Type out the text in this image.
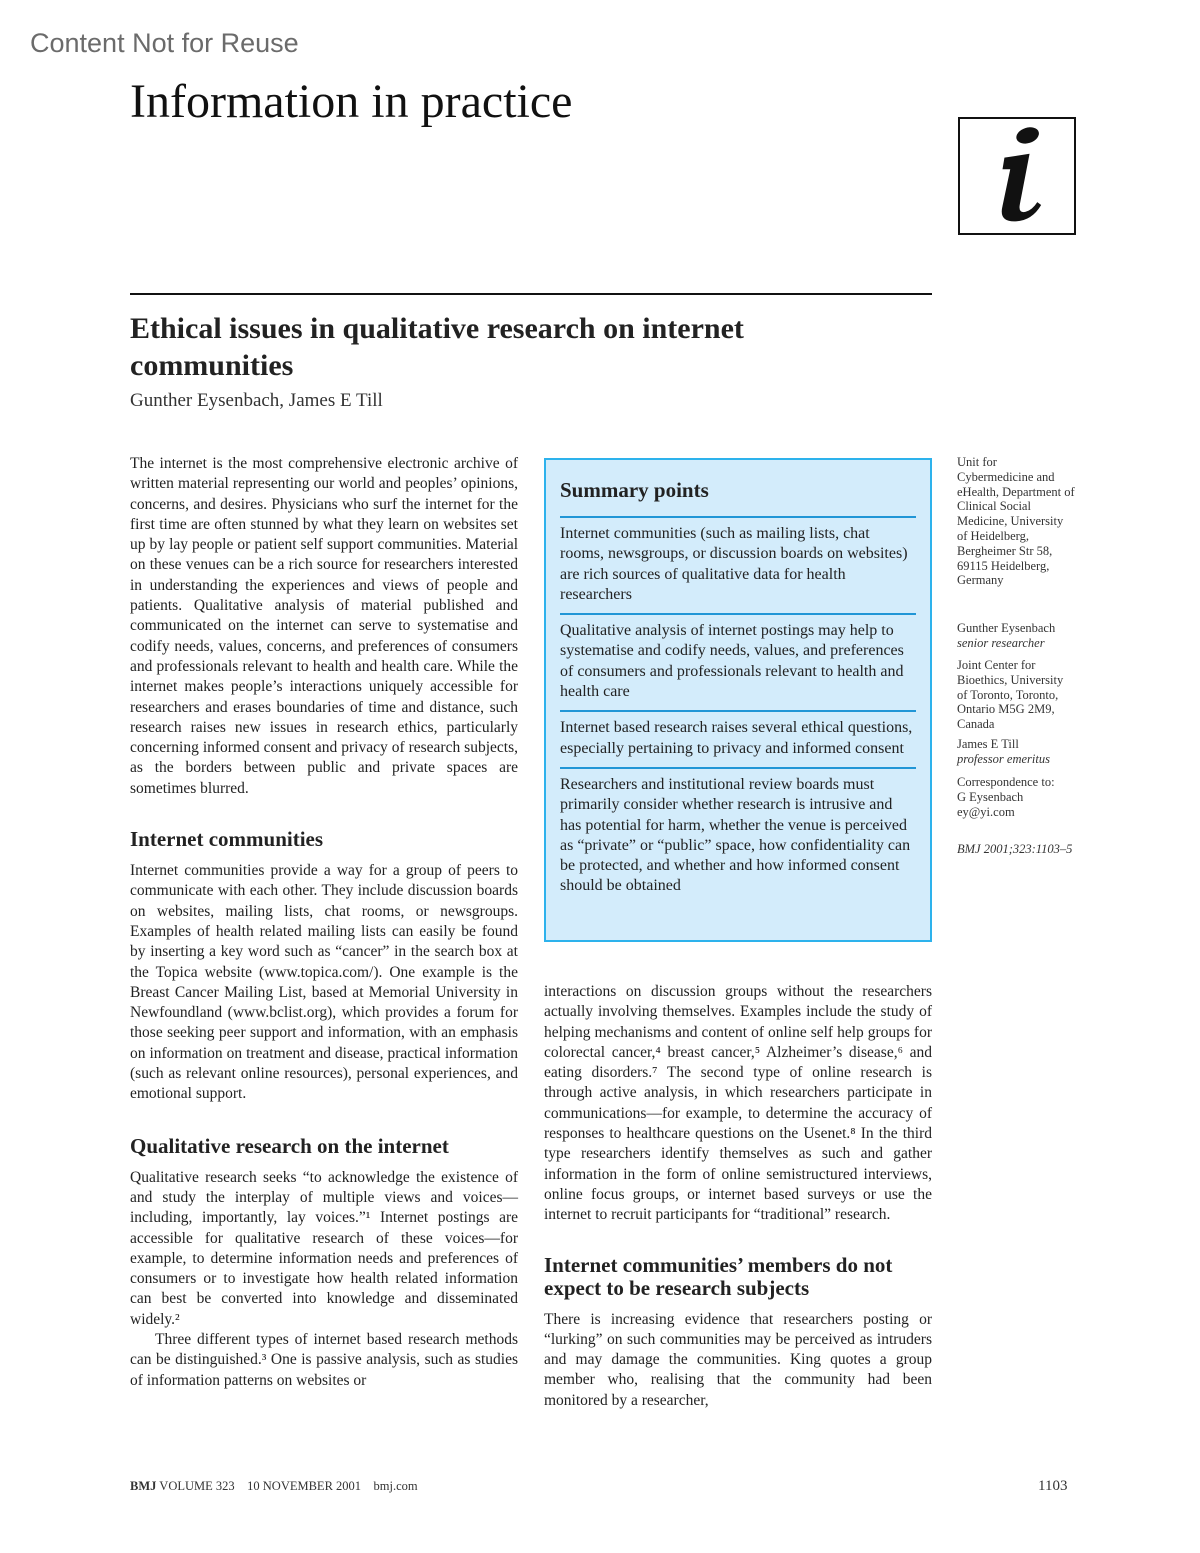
Content Not for Reuse
Information in practice
Ethical issues in qualitative research on internet
communities
Gunther Eysenbach, James E Till

The internet is the most comprehensive electronic archive of written material representing our world and peoples’ opinions, concerns, and desires. Physicians who surf the internet for the first time are often stunned by what they learn on websites set up by lay people or patient self support communities. Material on these venues can be a rich source for researchers interested in understanding the experiences and views of people and patients. Qualitative analysis of material published and communicated on the internet can serve to systematise and codify needs, values, concerns, and preferences of consumers and professionals relevant to health and health care. While the internet makes people’s interactions uniquely accessible for researchers and erases boundaries of time and distance, such research raises new issues in research ethics, particularly concerning informed consent and privacy of research subjects, as the borders between public and private spaces are sometimes blurred.

Internet communities

Internet communities provide a way for a group of peers to communicate with each other. They include discussion boards on websites, mailing lists, chat rooms, or newsgroups. Examples of health related mailing lists can easily be found by inserting a key word such as “cancer” in the search box at the Topica website (www.topica.com/). One example is the Breast Cancer Mailing List, based at Memorial University in Newfoundland (www.bclist.org), which provides a forum for those seeking peer support and information, with an emphasis on information on treatment and disease, practical information (such as relevant online resources), personal experiences, and emotional support.

Qualitative research on the internet

Qualitative research seeks “to acknowledge the existence of and study the interplay of multiple views and voices—including, importantly, lay voices.”¹ Internet postings are accessible for qualitative research of these voices—for example, to determine information needs and preferences of consumers or to investigate how health related information can best be converted into knowledge and disseminated widely.²

Three different types of internet based research methods can be distinguished.³ One is passive analysis, such as studies of information patterns on websites or

Summary points
Internet communities (such as mailing lists, chat rooms, newsgroups, or discussion boards on websites) are rich sources of qualitative data for health researchers
Qualitative analysis of internet postings may help to systematise and codify needs, values, and preferences of consumers and professionals relevant to health and health care
Internet based research raises several ethical questions, especially pertaining to privacy and informed consent
Researchers and institutional review boards must primarily consider whether research is intrusive and has potential for harm, whether the venue is perceived as “private” or “public” space, how confidentiality can be protected, and whether and how informed consent should be obtained

interactions on discussion groups without the researchers actually involving themselves. Examples include the study of helping mechanisms and content of online self help groups for colorectal cancer,⁴ breast cancer,⁵ Alzheimer’s disease,⁶ and eating disorders.⁷ The second type of online research is through active analysis, in which researchers participate in communications—for example, to determine the accuracy of responses to healthcare questions on the Usenet.⁸ In the third type researchers identify themselves as such and gather information in the form of online semistructured interviews, online focus groups, or internet based surveys or use the internet to recruit participants for “traditional” research.

Internet communities’ members do not expect to be research subjects

There is increasing evidence that researchers posting or “lurking” on such communities may be perceived as intruders and may damage the communities. King quotes a group member who, realising that the community had been monitored by a researcher,

Unit for Cybermedicine and eHealth, Department of Clinical Social Medicine, University of Heidelberg, Bergheimer Str 58, 69115 Heidelberg, Germany
Gunther Eysenbach
senior researcher
Joint Center for Bioethics, University of Toronto, Toronto, Ontario M5G 2M9, Canada
James E Till
professor emeritus
Correspondence to:
G Eysenbach
ey@yi.com
BMJ 2001;323:1103–5
BMJ VOLUME 323    10 NOVEMBER 2001    bmj.com	1103
